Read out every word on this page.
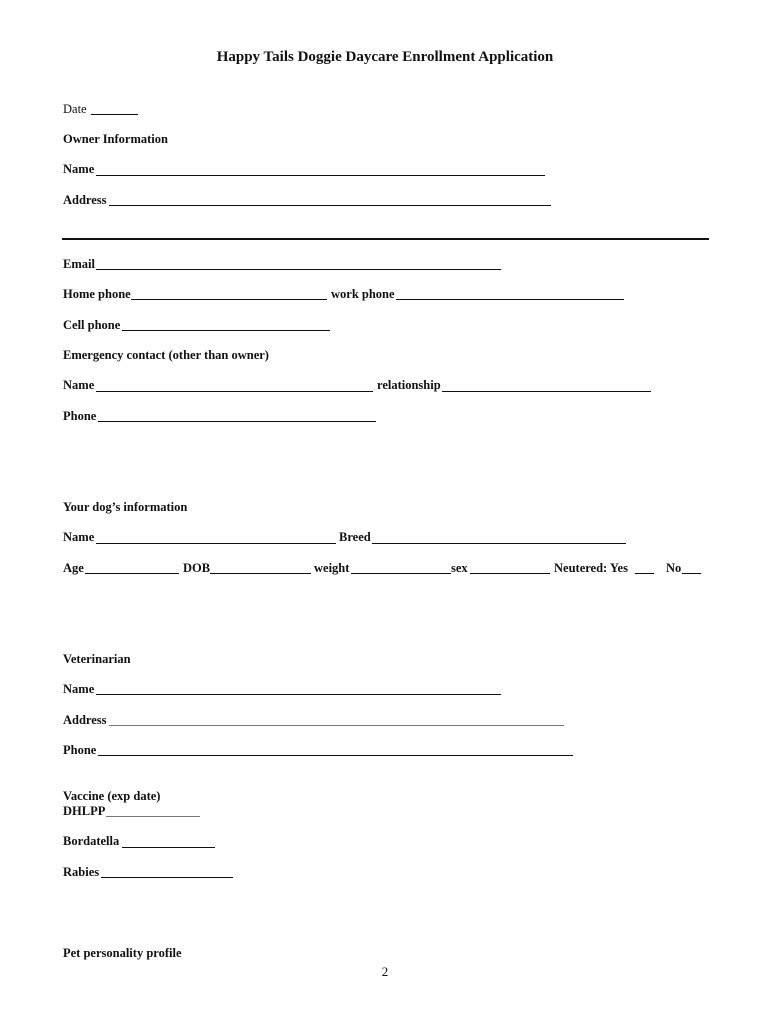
Happy Tails Doggie Daycare Enrollment Application
Date
Owner Information
Name
Address
Email
Home phone	work phone
Cell phone
Emergency contact (other than owner)
Name	relationship
Phone
Your dog’s information
Name	Breed
Age	DOB	weight	sex	Neutered: Yes	No
Veterinarian
Name
Address
Phone
Vaccine (exp date)
DHLPP
Bordatella
Rabies
Pet personality profile
2
